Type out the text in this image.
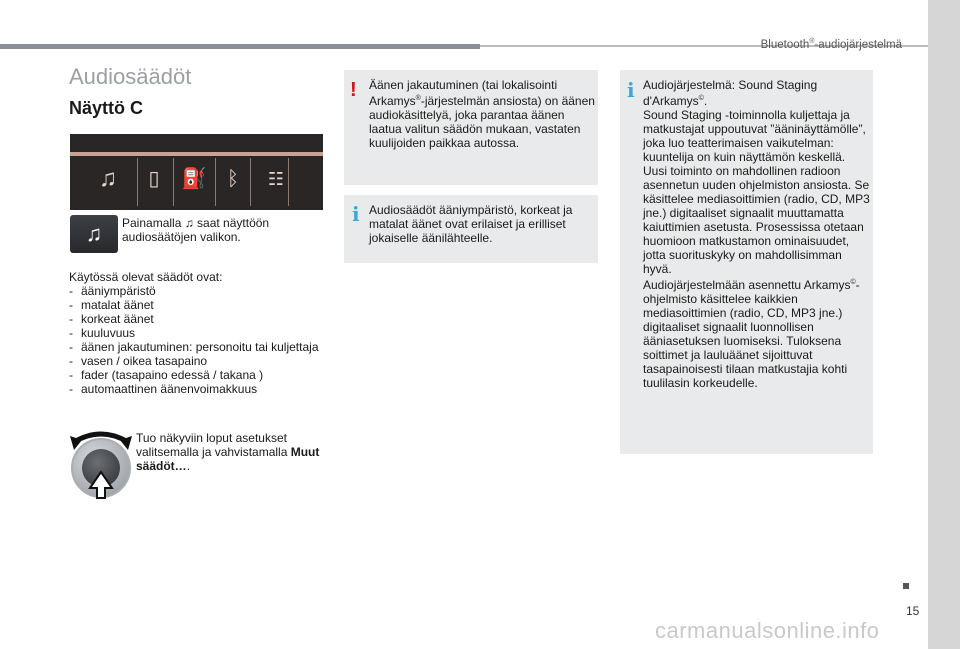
Bluetooth®-audiojärjestelmä
Audiosäädöt
Näyttö C
♫	▯	⛽	ᛒ	☷
♫	Painamalla ♫ saat näyttöön audiosäätöjen valikon.
Käytössä olevat säädöt ovat:
- ääniympäristö
- matalat äänet
- korkeat äänet
- kuuluvuus
- äänen jakautuminen: personoitu tai kuljettaja
- vasen / oikea tasapaino
- fader (tasapaino edessä / takana )
- automaattinen äänenvoimakkuus
Tuo näkyviin loput asetukset valitsemalla ja vahvistamalla Muut säädöt….
! Äänen jakautuminen (tai lokalisointi Arkamys®-järjestelmän ansiosta) on äänen audiokäsittelyä, joka parantaa äänen laatua valitun säädön mukaan, vastaten kuulijoiden paikkaa autossa.
i Audiosäädöt ääniympäristö, korkeat ja matalat äänet ovat erilaiset ja erilliset jokaiselle äänilähteelle.
i Audiojärjestelmä: Sound Staging d'Arkamys©.

Sound Staging -toiminnolla kuljettaja ja matkustajat uppoutuvat ”ääninäyttämölle”, joka luo teatterimaisen vaikutelman: kuuntelija on kuin näyttämön keskellä. Uusi toiminto on mahdollinen radioon asennetun uuden ohjelmiston ansiosta. Se käsittelee mediasoittimien (radio, CD, MP3 jne.) digitaaliset signaalit muuttamatta kaiuttimien asetusta. Prosessissa otetaan huomioon matkustamon ominaisuudet, jotta suorituskyky on mahdollisimman hyvä.

Audiojärjestelmään asennettu Arkamys©-ohjelmisto käsittelee kaikkien mediasoittimien (radio, CD, MP3 jne.) digitaaliset signaalit luonnollisen ääniasetuksen luomiseksi. Tuloksena soittimet ja lauluäänet sijoittuvat tasapainoisesti tilaan matkustajia kohti tuulilasin korkeudelle.

15
carmanualsonline.info
